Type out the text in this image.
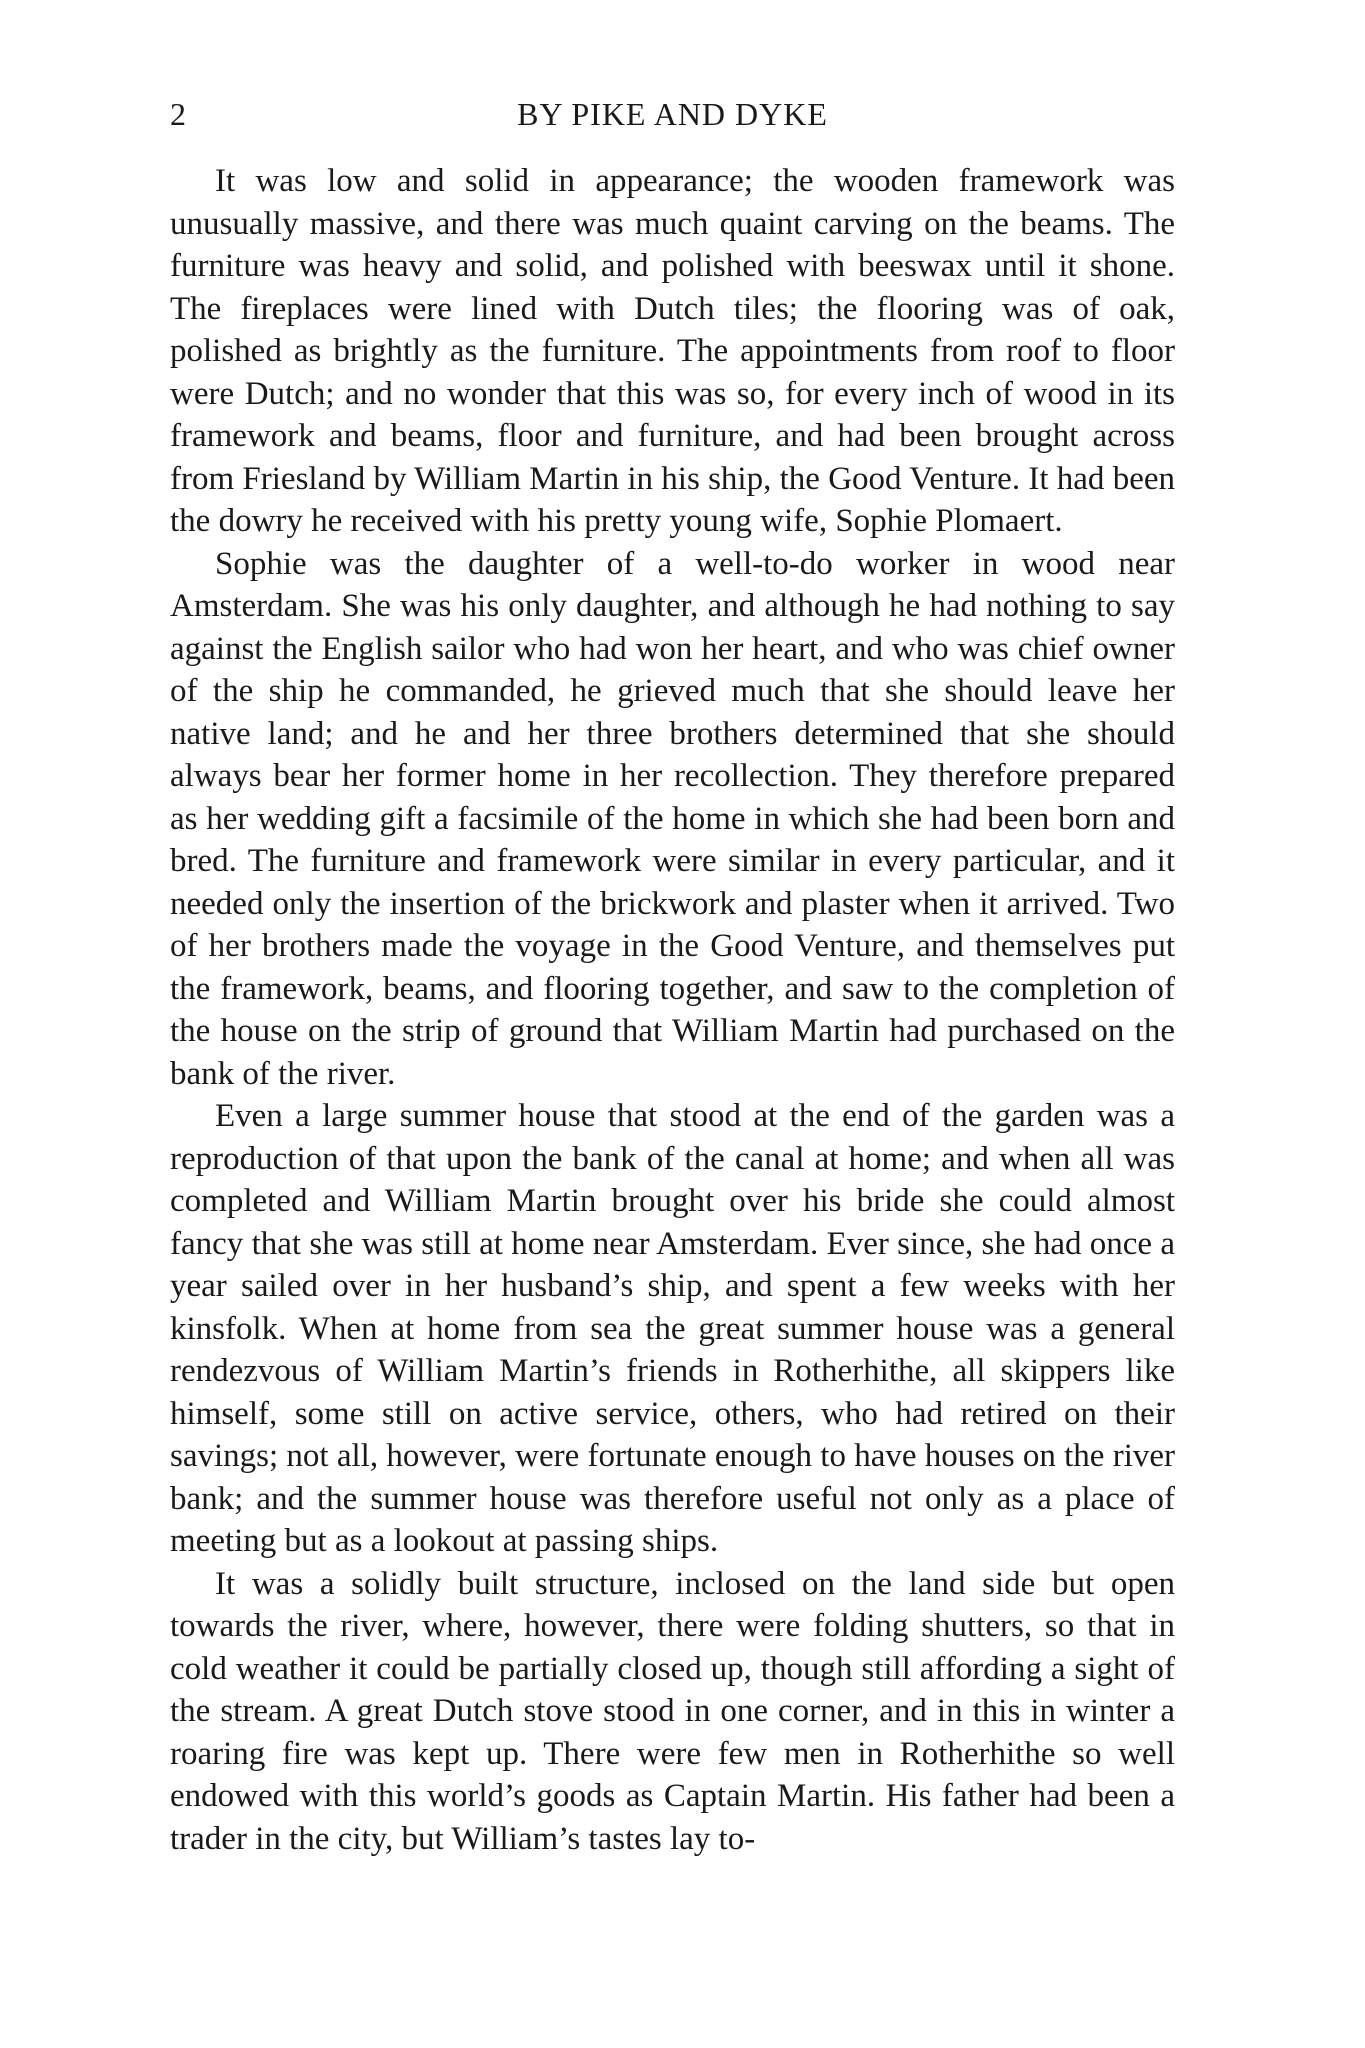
2	BY PIKE AND DYKE

It was low and solid in appearance; the wooden framework was unusually massive, and there was much quaint carving on the beams. The furniture was heavy and solid, and polished with beeswax until it shone. The fireplaces were lined with Dutch tiles; the flooring was of oak, polished as brightly as the furniture. The appointments from roof to floor were Dutch; and no wonder that this was so, for every inch of wood in its framework and beams, floor and furniture, and had been brought across from Friesland by William Martin in his ship, the Good Venture. It had been the dowry he received with his pretty young wife, Sophie Plomaert.

Sophie was the daughter of a well-to-do worker in wood near Amsterdam. She was his only daughter, and although he had nothing to say against the English sailor who had won her heart, and who was chief owner of the ship he commanded, he grieved much that she should leave her native land; and he and her three brothers determined that she should always bear her former home in her recollection. They therefore prepared as her wedding gift a facsimile of the home in which she had been born and bred. The furniture and framework were similar in every particular, and it needed only the insertion of the brickwork and plaster when it arrived. Two of her brothers made the voyage in the Good Venture, and themselves put the framework, beams, and flooring together, and saw to the completion of the house on the strip of ground that William Martin had purchased on the bank of the river.

Even a large summer house that stood at the end of the garden was a reproduction of that upon the bank of the canal at home; and when all was completed and William Martin brought over his bride she could almost fancy that she was still at home near Amsterdam. Ever since, she had once a year sailed over in her husband’s ship, and spent a few weeks with her kinsfolk. When at home from sea the great summer house was a general rendezvous of William Martin’s friends in Rotherhithe, all skippers like himself, some still on active service, others, who had retired on their savings; not all, however, were fortunate enough to have houses on the river bank; and the summer house was therefore useful not only as a place of meeting but as a lookout at passing ships.

It was a solidly built structure, inclosed on the land side but open towards the river, where, however, there were folding shutters, so that in cold weather it could be partially closed up, though still affording a sight of the stream. A great Dutch stove stood in one corner, and in this in winter a roaring fire was kept up. There were few men in Rotherhithe so well endowed with this world’s goods as Captain Martin. His father had been a trader in the city, but William’s tastes lay to-
